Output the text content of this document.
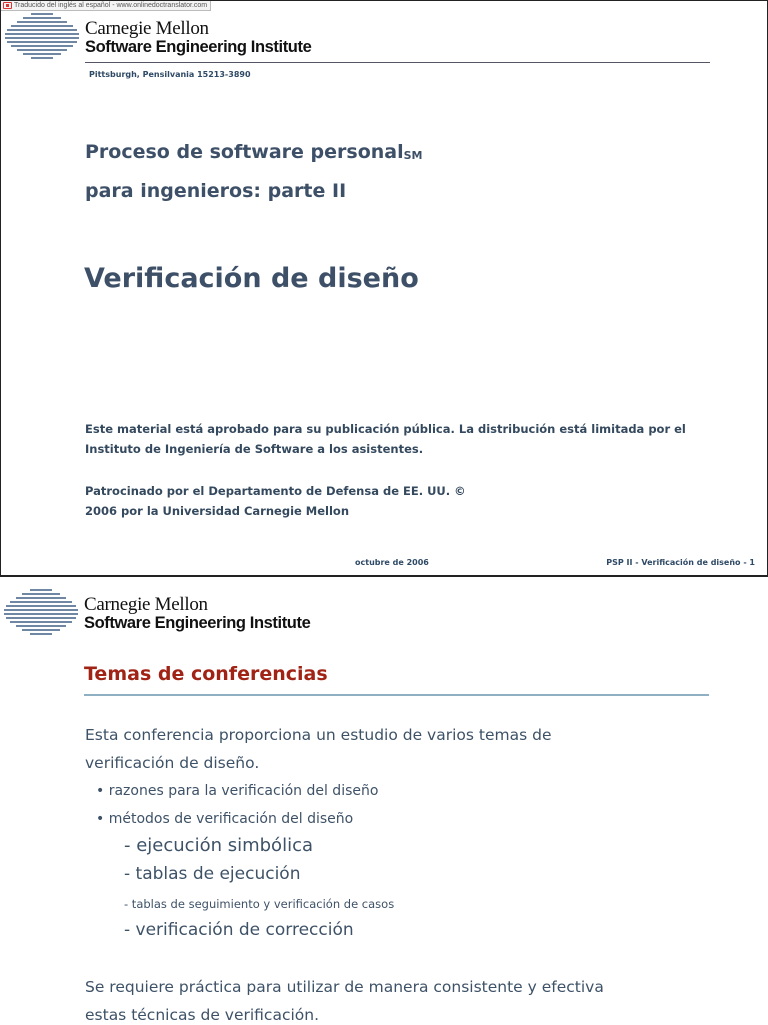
Traducido del inglés al español - www.onlinedoctranslator.com
Carnegie Mellon
Software Engineering Institute
Pittsburgh, Pensilvania 15213-3890
Proceso de software personal℠
para ingenieros: parte II
Verificación de diseño
Este material está aprobado para su publicación pública. La distribución está limitada por el
Instituto de Ingeniería de Software a los asistentes.
Patrocinado por el Departamento de Defensa de EE. UU. ©
2006 por la Universidad Carnegie Mellon
octubre de 2006	PSP II - Verificación de diseño - 1
Carnegie Mellon
Software Engineering Institute
Temas de conferencias
Esta conferencia proporciona un estudio de varios temas de
verificación de diseño.
• razones para la verificación del diseño
• métodos de verificación del diseño
- ejecución simbólica
- tablas de ejecución
- tablas de seguimiento y verificación de casos
- verificación de corrección
Se requiere práctica para utilizar de manera consistente y efectiva
estas técnicas de verificación.
